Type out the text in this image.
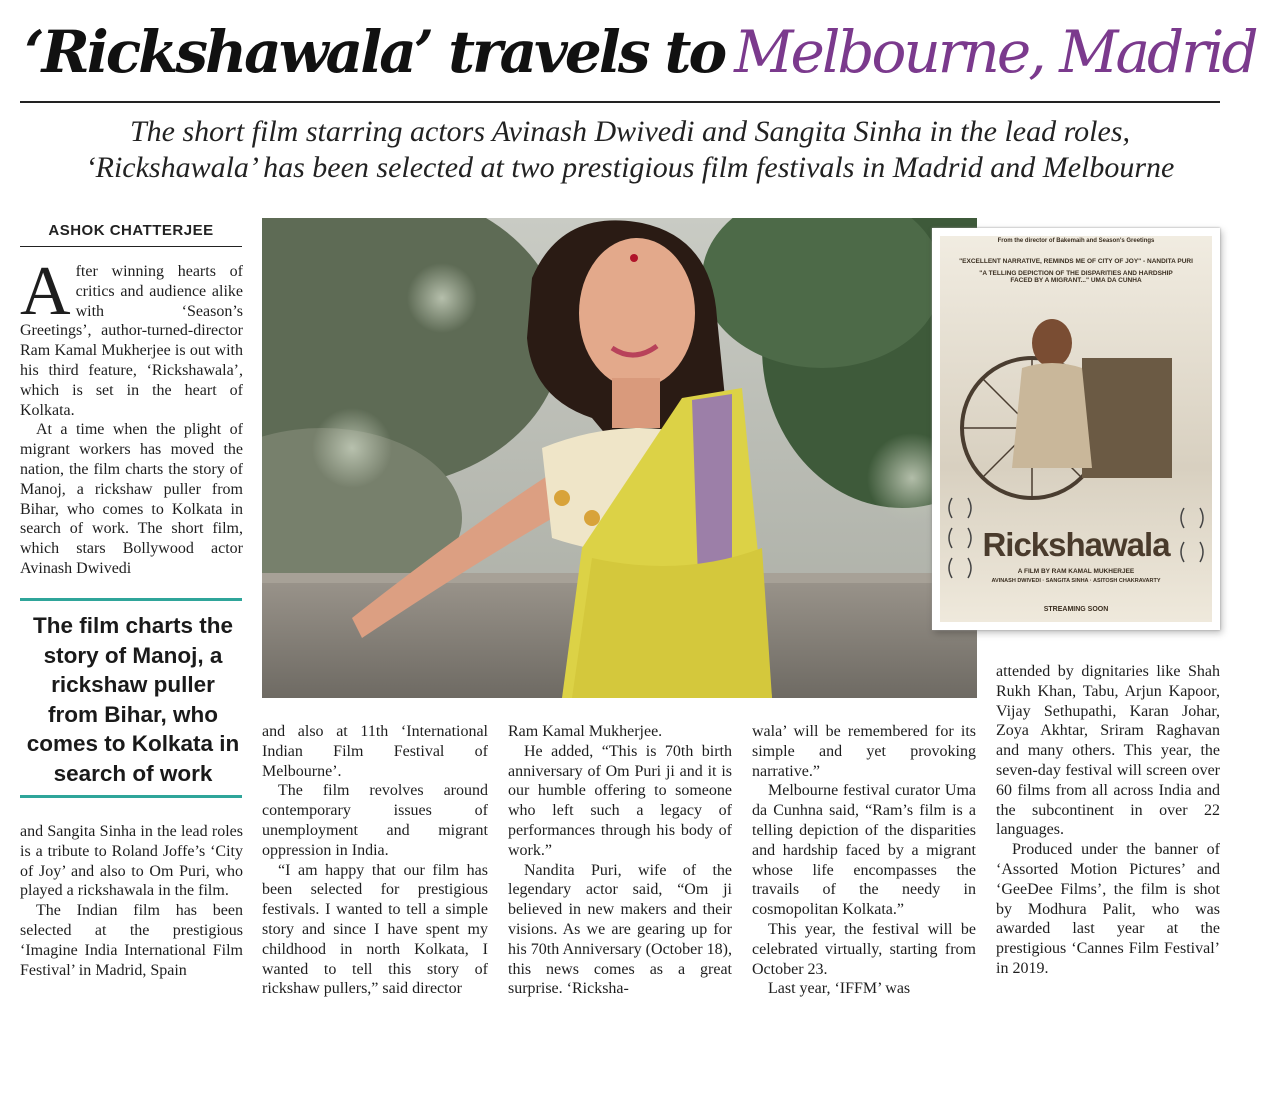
‘Rickshawala’ travels to Melbourne, Madrid

The short film starring actors Avinash Dwivedi and Sangita Sinha in the lead roles,
‘Rickshawala’ has been selected at two prestigious film festivals in Madrid and Melbourne

ASHOK CHATTERJEE

After winning hearts of critics and audience alike with ‘Season’s Greetings’, author-turned-director Ram Kamal Mukherjee is out with his third feature, ‘Rickshawala’, which is set in the heart of Kolkata.

At a time when the plight of migrant workers has moved the nation, the film charts the story of Manoj, a rickshaw puller from Bihar, who comes to Kolkata in search of work. The short film, which stars Bollywood actor Avinash Dwivedi

The film charts the story of Manoj, a rickshaw puller from Bihar, who comes to Kolkata in search of work

and Sangita Sinha in the lead roles is a tribute to Roland Joffe’s ‘City of Joy’ and also to Om Puri, who played a rickshawala in the film.

The Indian film has been selected at the prestigious ‘Imagine India International Film Festival’ in Madrid, Spain

From the director of Bakemaih and Season's Greetings
"EXCELLENT NARRATIVE, REMINDS ME OF CITY OF JOY" - NANDITA PURI
"A TELLING DEPICTION OF THE DISPARITIES AND HARDSHIP FACED BY A MIGRANT..." UMA DA CUNHA
Rickshawala
A FILM BY RAM KAMAL MUKHERJEE
AVINASH DWIVEDI · SANGITA SINHA · ASITOSH CHAKRAVARTY
STREAMING SOON

and also at 11th ‘International Indian Film Festival of Melbourne’.

The film revolves around contemporary issues of unemployment and migrant oppression in India.

“I am happy that our film has been selected for prestigious festivals. I wanted to tell a simple story and since I have spent my childhood in north Kolkata, I wanted to tell this story of rickshaw pullers,” said director

Ram Kamal Mukherjee.

He added, “This is 70th birth anniversary of Om Puri ji and it is our humble offering to someone who left such a legacy of performances through his body of work.”

Nandita Puri, wife of the legendary actor said, “Om ji believed in new makers and their visions. As we are gearing up for his 70th Anniversary (October 18), this news comes as a great surprise. ‘Ricksha-

wala’ will be remembered for its simple and yet provoking narrative.”

Melbourne festival curator Uma da Cunhna said, “Ram’s film is a telling depiction of the disparities and hardship faced by a migrant whose life encompasses the travails of the needy in cosmopolitan Kolkata.”

This year, the festival will be celebrated virtually, starting from October 23.

Last year, ‘IFFM’ was

attended by dignitaries like Shah Rukh Khan, Tabu, Arjun Kapoor, Vijay Sethupathi, Karan Johar, Zoya Akhtar, Sriram Raghavan and many others. This year, the seven-day festival will screen over 60 films from all across India and the subcontinent in over 22 languages.

Produced under the banner of ‘Assorted Motion Pictures’ and ‘GeeDee Films’, the film is shot by Modhura Palit, who was awarded last year at the prestigious ‘Cannes Film Festival’ in 2019.
